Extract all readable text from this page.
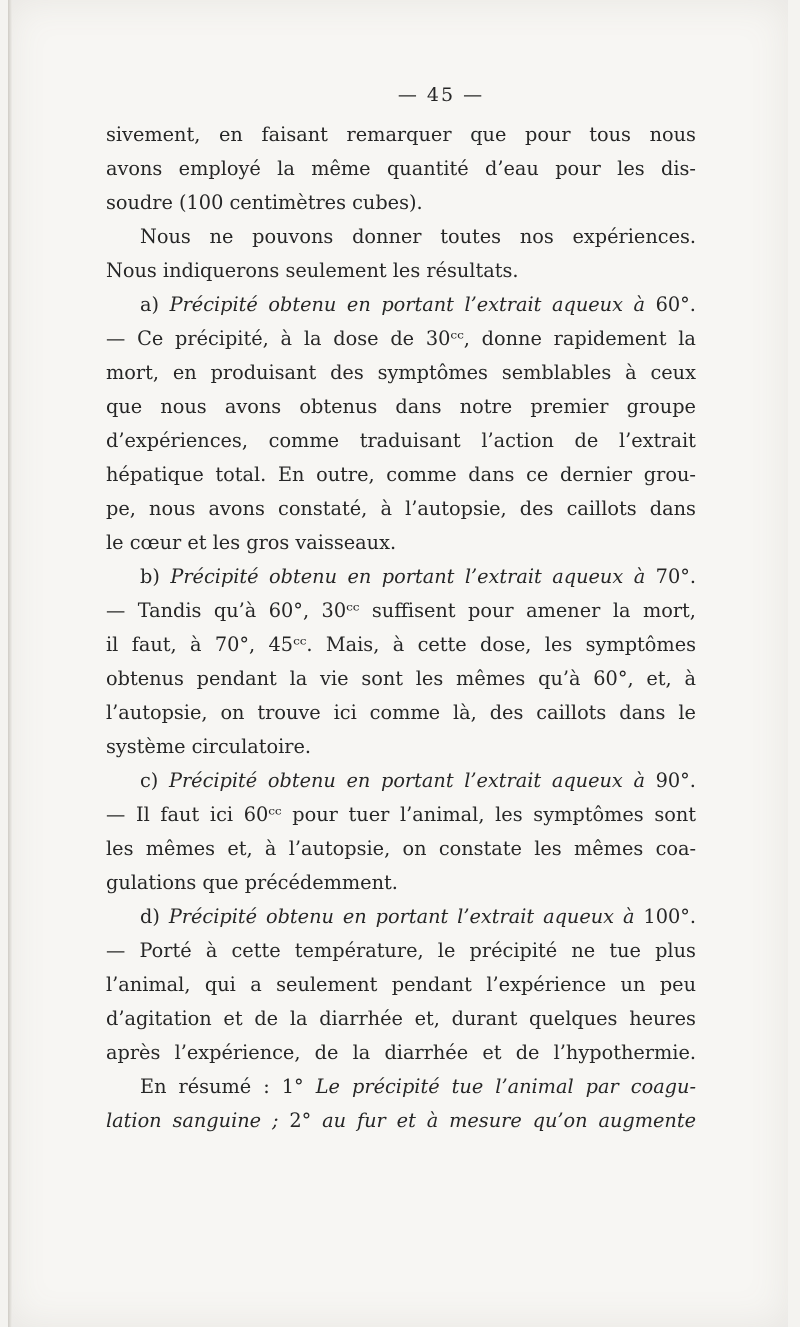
— 45 —
sivement, en faisant remarquer que pour tous nous
avons employé la même quantité d’eau pour les dis-
soudre (100 centimètres cubes).
Nous ne pouvons donner toutes nos expériences.
Nous indiquerons seulement les résultats.
a) Précipité obtenu en portant l’extrait aqueux à 60°.
— Ce précipité, à la dose de 30ᶜᶜ, donne rapidement la
mort, en produisant des symptômes semblables à ceux
que nous avons obtenus dans notre premier groupe
d’expériences, comme traduisant l’action de l’extrait
hépatique total. En outre, comme dans ce dernier grou-
pe, nous avons constaté, à l’autopsie, des caillots dans
le cœur et les gros vaisseaux.
b) Précipité obtenu en portant l’extrait aqueux à 70°.
— Tandis qu’à 60°, 30ᶜᶜ suffisent pour amener la mort,
il faut, à 70°, 45ᶜᶜ. Mais, à cette dose, les symptômes
obtenus pendant la vie sont les mêmes qu’à 60°, et, à
l’autopsie, on trouve ici comme là, des caillots dans le
système circulatoire.
c) Précipité obtenu en portant l’extrait aqueux à 90°.
— Il faut ici 60ᶜᶜ pour tuer l’animal, les symptômes sont
les mêmes et, à l’autopsie, on constate les mêmes coa-
gulations que précédemment.
d) Précipité obtenu en portant l’extrait aqueux à 100°.
— Porté à cette température, le précipité ne tue plus
l’animal, qui a seulement pendant l’expérience un peu
d’agitation et de la diarrhée et, durant quelques heures
après l’expérience, de la diarrhée et de l’hypothermie.
En résumé : 1° Le précipité tue l’animal par coagu-
lation sanguine ; 2° au fur et à mesure qu’on augmente
